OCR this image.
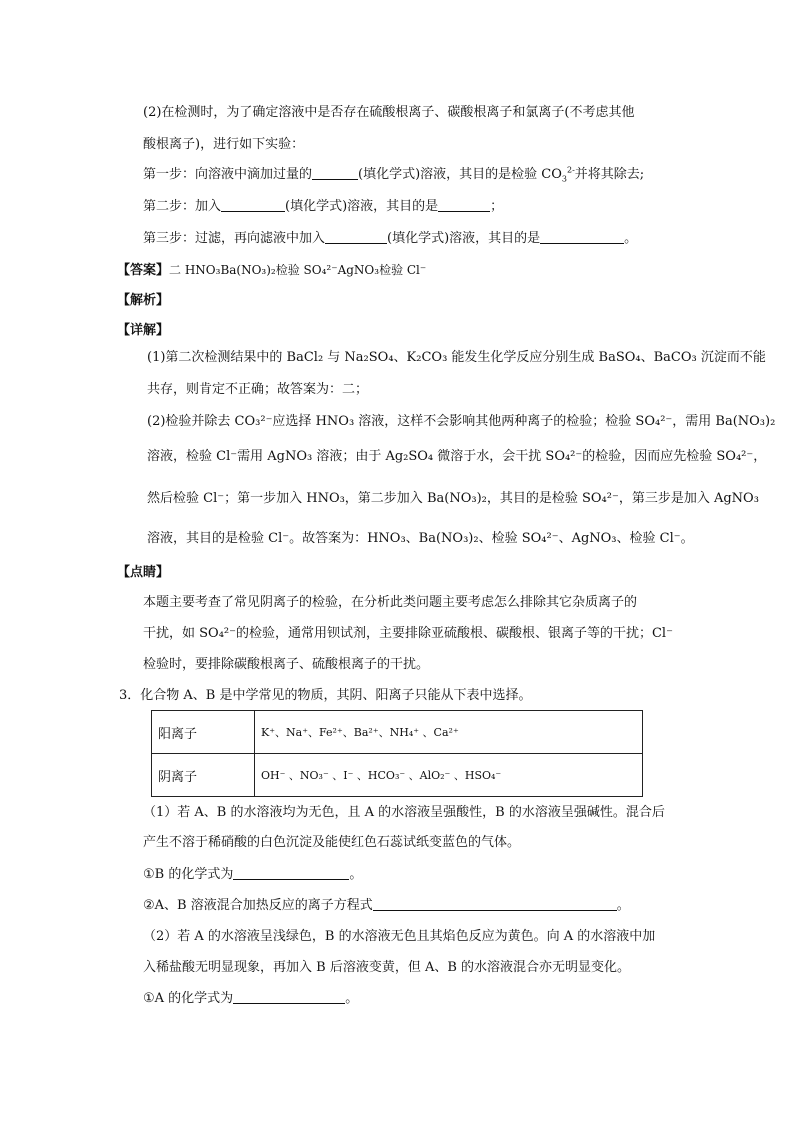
(2)在检测时，为了确定溶液中是否存在硫酸根离子、碳酸根离子和氯离子(不考虑其他
酸根离子)，进行如下实验：
第一步：向溶液中滴加过量的	(填化学式)溶液，其目的是检验 $CO_3^{2-}$并将其除去;
第二步：加入	(填化学式)溶液，其目的是	；
第三步：过滤，再向滤液中加入	(填化学式)溶液，其目的是	。
【答案】二 HNO₃Ba(NO₃)₂检验 SO₄²⁻AgNO₃检验 Cl⁻
【解析】
【详解】
(1)第二次检测结果中的 BaCl₂ 与 Na₂SO₄、K₂CO₃ 能发生化学反应分别生成 BaSO₄、BaCO₃ 沉淀而不能
共存，则肯定不正确；故答案为：二；
(2)检验并除去 CO₃²⁻应选择 HNO₃ 溶液，这样不会影响其他两种离子的检验；检验 SO₄²⁻，需用 Ba(NO₃)₂
溶液，检验 Cl⁻需用 AgNO₃ 溶液；由于 Ag₂SO₄ 微溶于水，会干扰 SO₄²⁻的检验，因而应先检验 SO₄²⁻，
然后检验 Cl⁻；第一步加入 HNO₃，第二步加入 Ba(NO₃)₂，其目的是检验 SO₄²⁻，第三步是加入 AgNO₃
溶液，其目的是检验 Cl⁻。故答案为：HNO₃、Ba(NO₃)₂、检验 SO₄²⁻、AgNO₃、检验 Cl⁻。
【点睛】
本题主要考查了常见阴离子的检验，在分析此类问题主要考虑怎么排除其它杂质离子的
干扰，如 SO₄²⁻的检验，通常用钡试剂，主要排除亚硫酸根、碳酸根、银离子等的干扰；Cl⁻
检验时，要排除碳酸根离子、硫酸根离子的干扰。
3．化合物 A、B 是中学常见的物质，其阴、阳离子只能从下表中选择。
阳离子	K⁺、Na⁺、Fe²⁺、Ba²⁺、NH₄⁺ 、Ca²⁺
阴离子	OH⁻ 、NO₃⁻ 、I⁻ 、HCO₃⁻ 、AlO₂⁻ 、HSO₄⁻
（1）若 A、B 的水溶液均为无色，且 A 的水溶液呈强酸性，B 的水溶液呈强碱性。混合后
产生不溶于稀硝酸的白色沉淀及能使红色石蕊试纸变蓝色的气体。
①B 的化学式为	。
②A、B 溶液混合加热反应的离子方程式	。
（2）若 A 的水溶液呈浅绿色，B 的水溶液无色且其焰色反应为黄色。向 A 的水溶液中加
入稀盐酸无明显现象，再加入 B 后溶液变黄，但 A、B 的水溶液混合亦无明显变化。
①A 的化学式为	。
